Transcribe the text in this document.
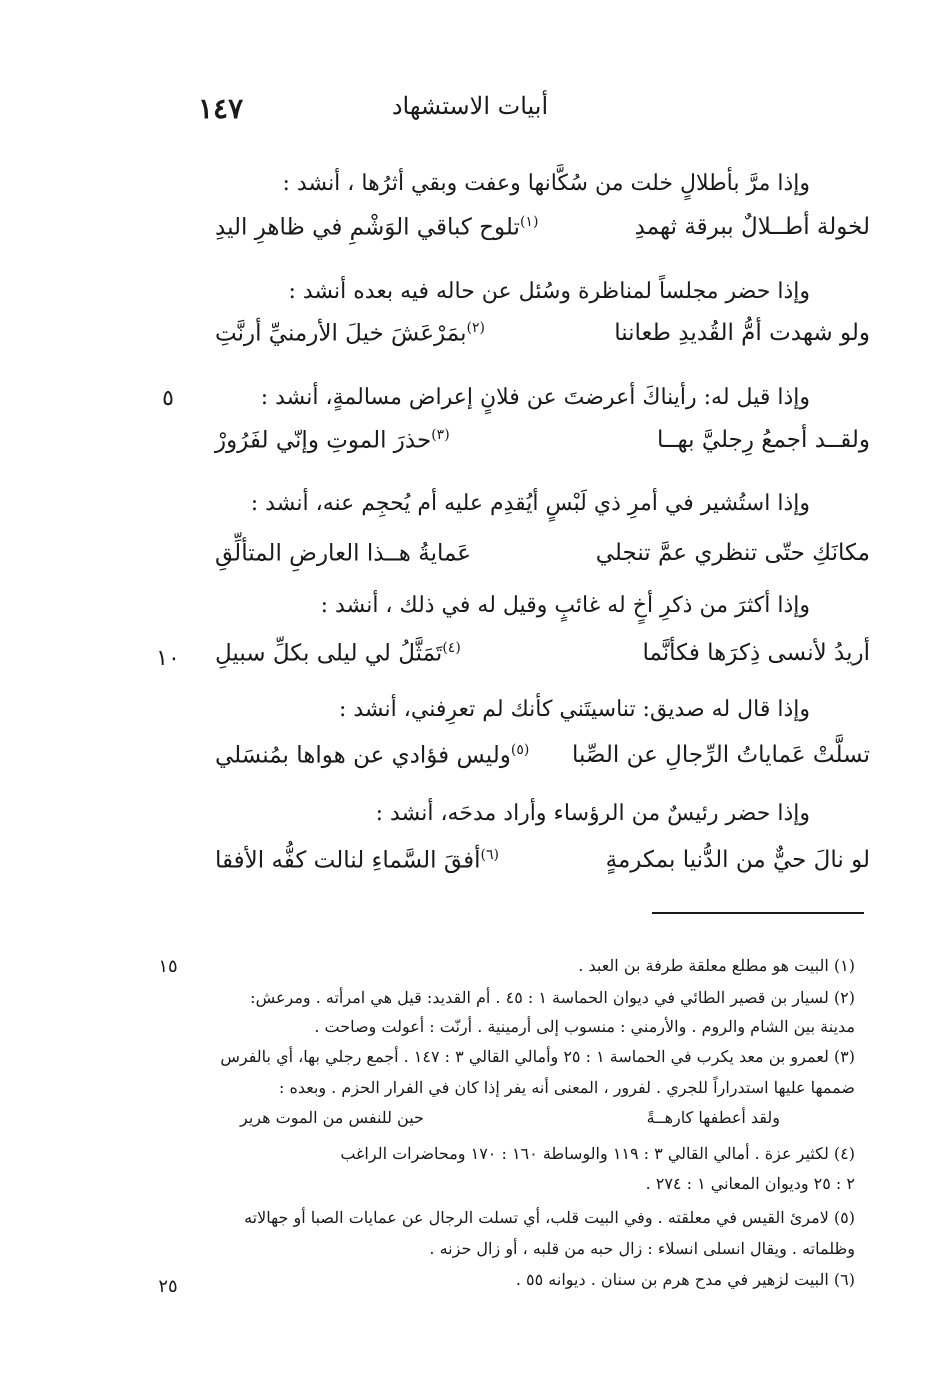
أبيات الاستشهاد
١٤٧
وإذا مرَّ بأطلالٍ خلت من سُكَّانها وعفت وبقي أثرُها ، أنشد :
لخولة أطــلالٌ ببرقة ثهمدِ
$^{(١)}$تلوح كباقي الوَشْمِ في ظاهرِ اليدِ
وإذا حضر مجلساً لمناظرة وسُئل عن حاله فيه بعده أنشد :
ولو شهدت أمُّ القُديدِ طعاننا
$^{(٢)}$بمَرْعَشَ خيلَ الأرمنيِّ أرنَّتِ
وإذا قيل له: رأيناكَ أعرضتَ عن فلانٍ إعراض مسالمةٍ، أنشد :
ولقــد أجمعُ رِجليَّ بهــا
$^{(٣)}$حذرَ الموتِ وإنّي لفَرُورْ
وإذا استُشير في أمرِ ذي لَبْسٍ أيُقدِم عليه أم يُحجِم عنه، أنشد :
مكانَكِ حتّى تنظري عمَّ تنجلي
عَمايةُ هــذا العارضِ المتألِّقِ
وإذا أكثرَ من ذكرِ أخٍ له غائبٍ وقيل له في ذلك ، أنشد :
أريدُ لأنسى ذِكرَها فكأنَّما
$^{(٤)}$تَمَثَّلُ لي ليلى بكلِّ سبيلِ
وإذا قال له صديق: تناسيتَني كأنك لم تعرِفني، أنشد :
تسلَّتْ عَماياتُ الرِّجالِ عن الصِّبا
$^{(٥)}$وليس فؤادي عن هواها بمُنسَلي
وإذا حضر رئيسٌ من الرؤساء وأراد مدحَه، أنشد :
لو نالَ حيٌّ من الدُّنيا بمكرمةٍ
$^{(٦)}$أفقَ السَّماءِ لنالت كفُّه الأفقا
٥
١٠
١٥
٢٥
(١) البيت هو مطلع معلقة طرفة بن العبد .
(٢) لسيار بن قصير الطائي في ديوان الحماسة ١ : ٤٥ . أم القديد: قيل هي امرأته . ومرعش:
مدينة بين الشام والروم . والأرمني : منسوب إلى أرمينية . أرنّت : أعولت وصاحت .
(٣) لعمرو بن معد يكرب في الحماسة ١ : ٢٥ وأمالي القالي ٣ : ١٤٧ . أجمع رجلي بها، أي بالفرس
ضممها عليها استدراراً للجري . لفرور ، المعنى أنه يفر إذا كان في الفرار الحزم . وبعده :
ولقد أعطفها كارهــةً
حين للنفس من الموت هرير
(٤) لكثير عزة . أمالي القالي ٣ : ١١٩ والوساطة ١٦٠ : ١٧٠ ومحاضرات الراغب
٢ : ٢٥ وديوان المعاني ١ : ٢٧٤ .
(٥) لامرئ القيس في معلقته . وفي البيت قلب، أي تسلت الرجال عن عمايات الصبا أو جهالاته
وظلماته . ويقال انسلى انسلاء : زال حبه من قلبه ، أو زال حزنه .
(٦) البيت لزهير في مدح هرم بن سنان . ديوانه ٥٥ .
